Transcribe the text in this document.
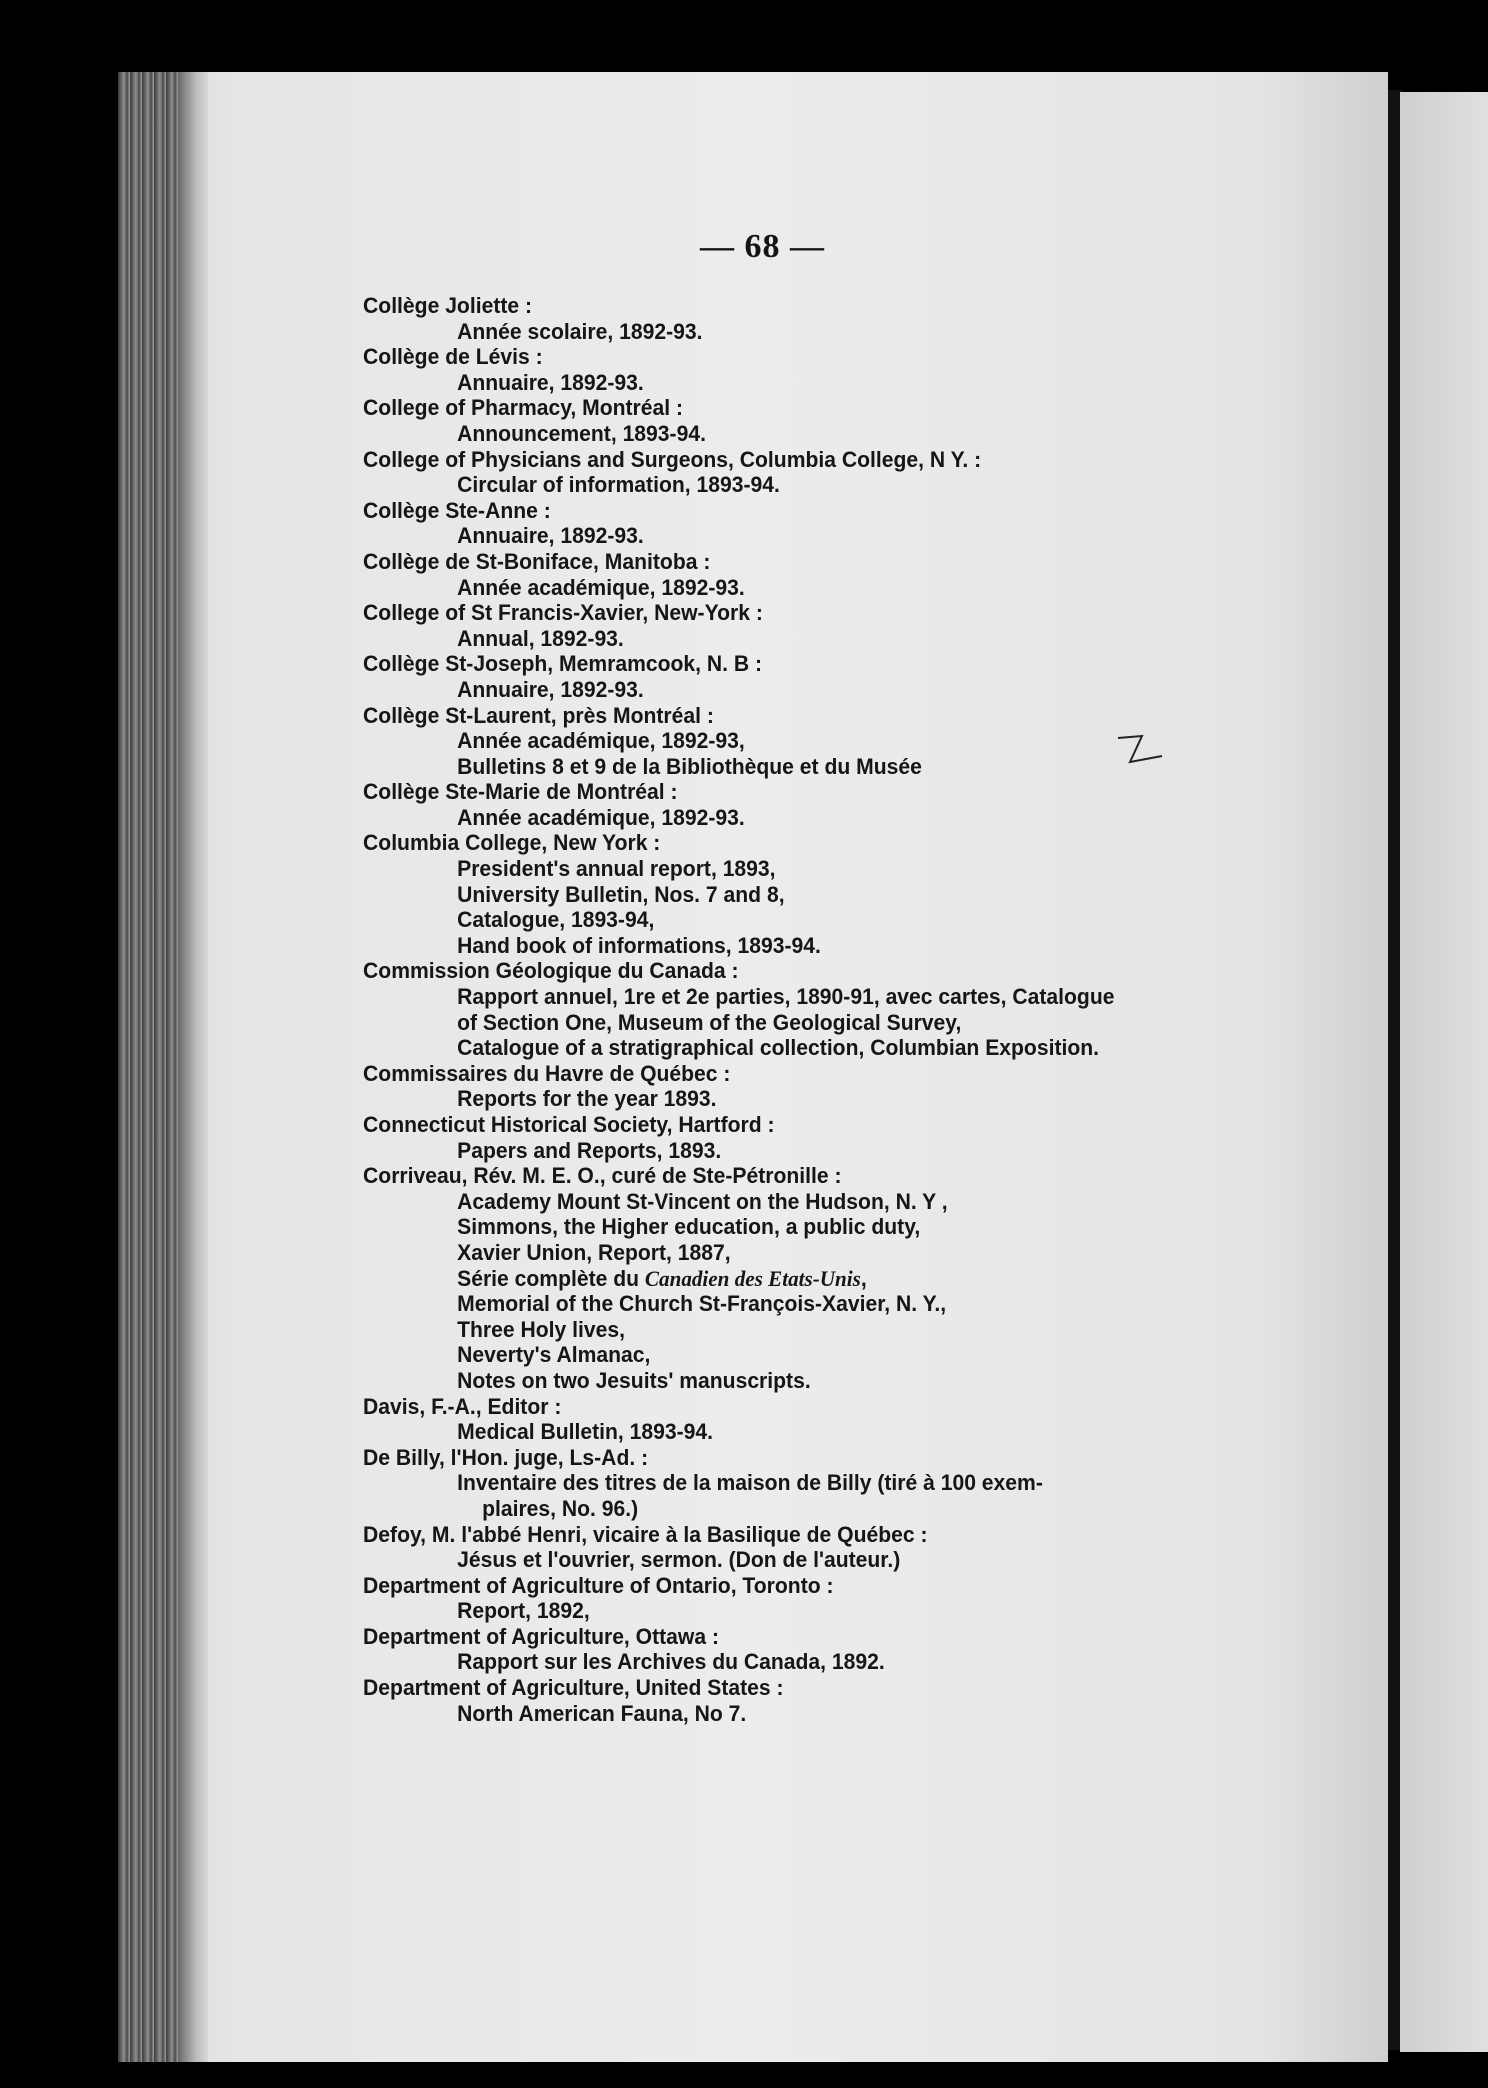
— 68 —
Collège Joliette :
Année scolaire, 1892-93.
Collège de Lévis :
Annuaire, 1892-93.
College of Pharmacy, Montréal :
Announcement, 1893-94.
College of Physicians and Surgeons, Columbia College, N Y. :
Circular of information, 1893-94.
Collège Ste-Anne :
Annuaire, 1892-93.
Collège de St-Boniface, Manitoba :
Année académique, 1892-93.
College of St Francis-Xavier, New-York :
Annual, 1892-93.
Collège St-Joseph, Memramcook, N. B :
Annuaire, 1892-93.
Collège St-Laurent, près Montréal :
Année académique, 1892-93,
Bulletins 8 et 9 de la Bibliothèque et du Musée
Collège Ste-Marie de Montréal :
Année académique, 1892-93.
Columbia College, New York :
President's annual report, 1893,
University Bulletin, Nos. 7 and 8,
Catalogue, 1893-94,
Hand book of informations, 1893-94.
Commission Géologique du Canada :
Rapport annuel, 1re et 2e parties, 1890-91, avec cartes, Catalogue
of Section One, Museum of the Geological Survey,
Catalogue of a stratigraphical collection, Columbian Exposition.
Commissaires du Havre de Québec :
Reports for the year 1893.
Connecticut Historical Society, Hartford :
Papers and Reports, 1893.
Corriveau, Rév. M. E. O., curé de Ste-Pétronille :
Academy Mount St-Vincent on the Hudson, N. Y ,
Simmons, the Higher education, a public duty,
Xavier Union, Report, 1887,
Série complète du Canadien des Etats-Unis,
Memorial of the Church St-François-Xavier, N. Y.,
Three Holy lives,
Neverty's Almanac,
Notes on two Jesuits' manuscripts.
Davis, F.-A., Editor :
Medical Bulletin, 1893-94.
De Billy, l'Hon. juge, Ls-Ad. :
Inventaire des titres de la maison de Billy (tiré à 100 exem-
plaires, No. 96.)
Defoy, M. l'abbé Henri, vicaire à la Basilique de Québec :
Jésus et l'ouvrier, sermon. (Don de l'auteur.)
Department of Agriculture of Ontario, Toronto :
Report, 1892,
Department of Agriculture, Ottawa :
Rapport sur les Archives du Canada, 1892.
Department of Agriculture, United States :
North American Fauna, No 7.
